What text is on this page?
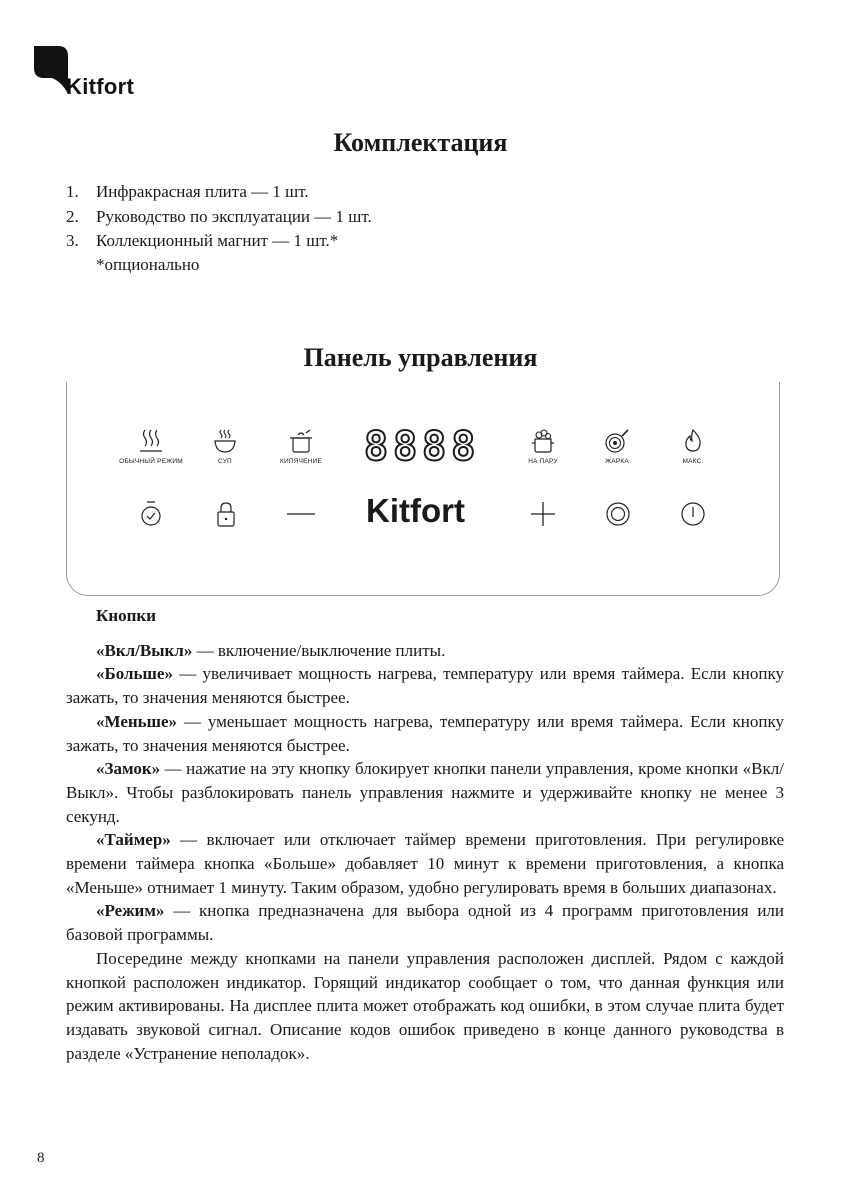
Kitfort
Комплектация
1. Инфракрасная плита — 1 шт.
2. Руководство по эксплуатации — 1 шт.
3. Коллекционный магнит — 1 шт.*
*опционально
Панель управления
ОБЫЧНЫЙ РЕЖИМ	СУП	КИПЯЧЕНИЕ 8888	НА ПАРУ	ЖАРКА	МАКС.
Kitfort

Кнопки

«Вкл/Выкл» — включение/выключение плиты.

«Больше» — увеличивает мощность нагрева, температуру или время таймера. Если кнопку зажать, то значения меняются быстрее.

«Меньше» — уменьшает мощность нагрева, температуру или время таймера. Если кнопку зажать, то значения меняются быстрее.

«Замок» — нажатие на эту кнопку блокирует кнопки панели управления, кроме кнопки «Вкл/Выкл». Чтобы разблокировать панель управления нажмите и удерживайте кнопку не менее 3 секунд.

«Таймер» — включает или отключает таймер времени приготовления. При регулировке времени таймера кнопка «Больше» добавляет 10 минут к времени приготовления, а кнопка «Меньше» отнимает 1 минуту. Таким образом, удобно регулировать время в больших диапазонах.

«Режим» — кнопка предназначена для выбора одной из 4 программ приготовления или базовой программы.

Посередине между кнопками на панели управления расположен дисплей. Рядом с каждой кнопкой расположен индикатор. Горящий индикатор сообщает о том, что данная функция или режим активированы. На дисплее плита может отображать код ошибки, в этом случае плита будет издавать звуковой сигнал. Описание кодов ошибок приведено в конце данного руководства в разделе «Устранение неполадок».

8
